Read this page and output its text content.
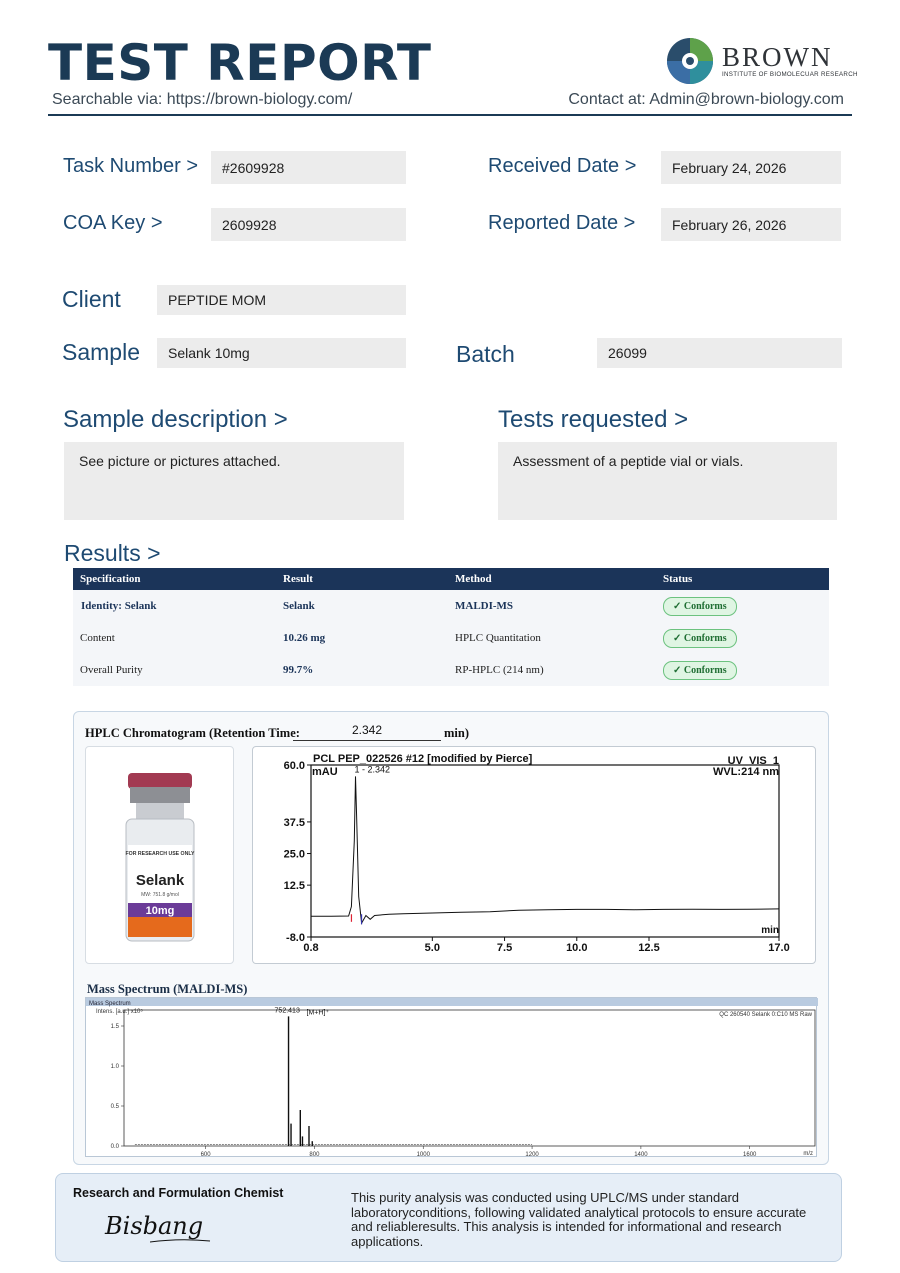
TEST REPORT
Searchable via: https://brown-biology.com/	Contact at: Admin@brown-biology.com
BROWN
INSTITUTE OF BIOMOLECUAR RESEARCH
Task Number >	#2609928	Received Date >	February 24, 2026
COA Key >	2609928	Reported Date >	February 26, 2026
Client	PEPTIDE MOM
Sample	Selank 10mg	Batch	26099
Sample description >
See picture or pictures attached.
Tests requested >
Assessment of a peptide vial or vials.
Results >
Specification	Result	Method	Status
Identity: Selank	Selank	MALDI-MS	✓ Conforms
Content	10.26 mg	HPLC Quantitation	✓ Conforms
Overall Purity	99.7%	RP-HPLC (214 nm)	✓ Conforms
HPLC Chromatogram (Retention Time:	2.342	min)
FOR RESEARCH USE ONLY
Selank
MW: 751.8 g/mol
10mg
PCL PEP_022526 #12 [modified by Pierce]	UV_VIS_1
WVL:214 nm
mAU
min
60.0
37.5
25.0
12.5
-8.0
0.8	5.0	7.5	10.0	12.5	17.0
1 - 2.342
Mass Spectrum (MALDI-MS)
Mass Spectrum
Intens. [a.u.] x10⁵	QC 260540 Selank 0:C10 MS Raw
m/z
1.5
1.0
0.5
0.0
600	800	1000	1200	1400	1600
752.413 [M+H]⁺
Research and Formulation Chemist
Bisbang
This purity analysis was conducted using UPLC/MS under standard laboratoryconditions, following validated analytical protocols to ensure accurate and reliableresults. This analysis is intended for informational and research applications.
